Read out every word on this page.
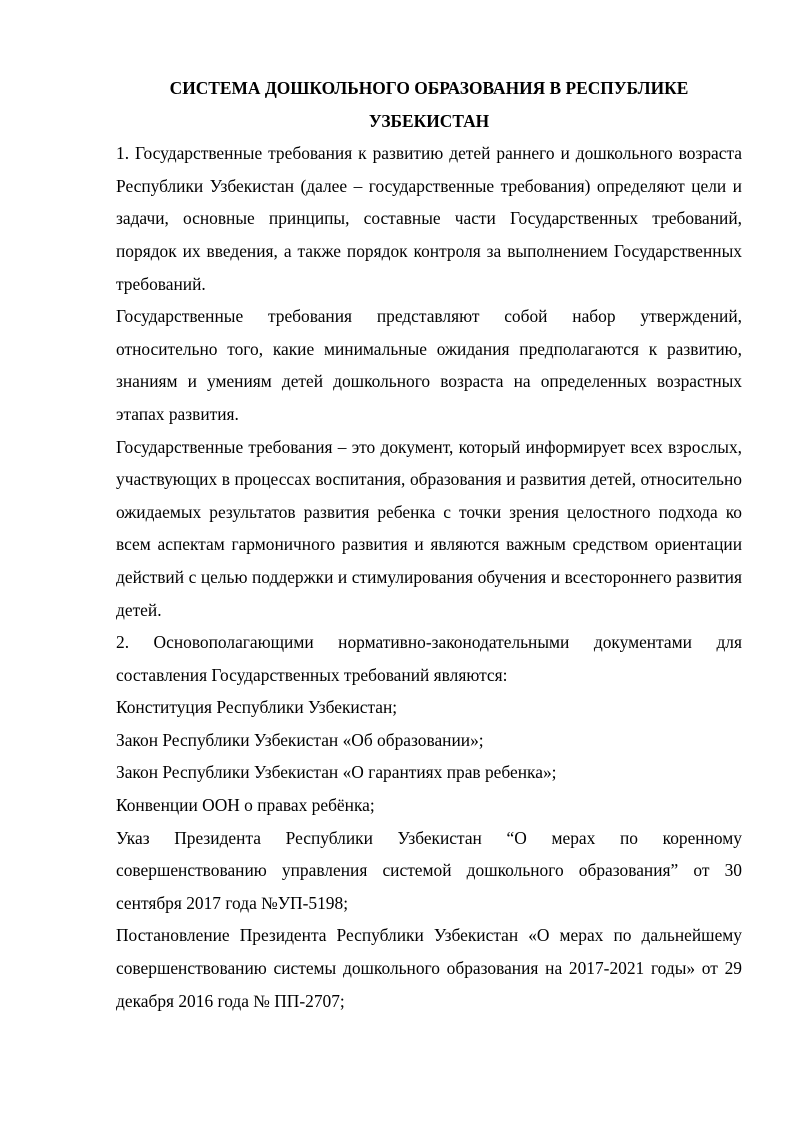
СИСТЕМА ДОШКОЛЬНОГО ОБРАЗОВАНИЯ В РЕСПУБЛИКЕ
УЗБЕКИСТАН

1. Государственные требования к развитию детей раннего и дошкольного возраста Республики Узбекистан (далее – государственные требования) определяют цели и задачи, основные принципы, составные части Государственных требований, порядок их введения, а также порядок контроля за выполнением Государственных требований.

Государственные требования представляют собой набор утверждений, относительно того, какие минимальные ожидания предполагаются к развитию, знаниям и умениям детей дошкольного возраста на определенных возрастных этапах развития.

Государственные требования – это документ, который информирует всех взрослых, участвующих в процессах воспитания, образования и развития детей, относительно ожидаемых результатов развития ребенка с точки зрения целостного подхода ко всем аспектам гармоничного развития и являются важным средством ориентации действий с целью поддержки и стимулирования обучения и всестороннего развития детей.

2. Основополагающими нормативно-законодательными документами для составления Государственных требований являются:

Конституция Республики Узбекистан;

Закон Республики Узбекистан «Об образовании»;

Закон Республики Узбекистан «О гарантиях прав ребенка»;

Конвенции ООН о правах ребёнка;

Указ Президента Республики Узбекистан “О мерах по коренному совершенствованию управления системой дошкольного образования” от 30 сентября 2017 года №УП-5198;

Постановление Президента Республики Узбекистан «О мерах по дальнейшему совершенствованию системы дошкольного образования на 2017-2021 годы» от 29 декабря 2016 года № ПП-2707;
